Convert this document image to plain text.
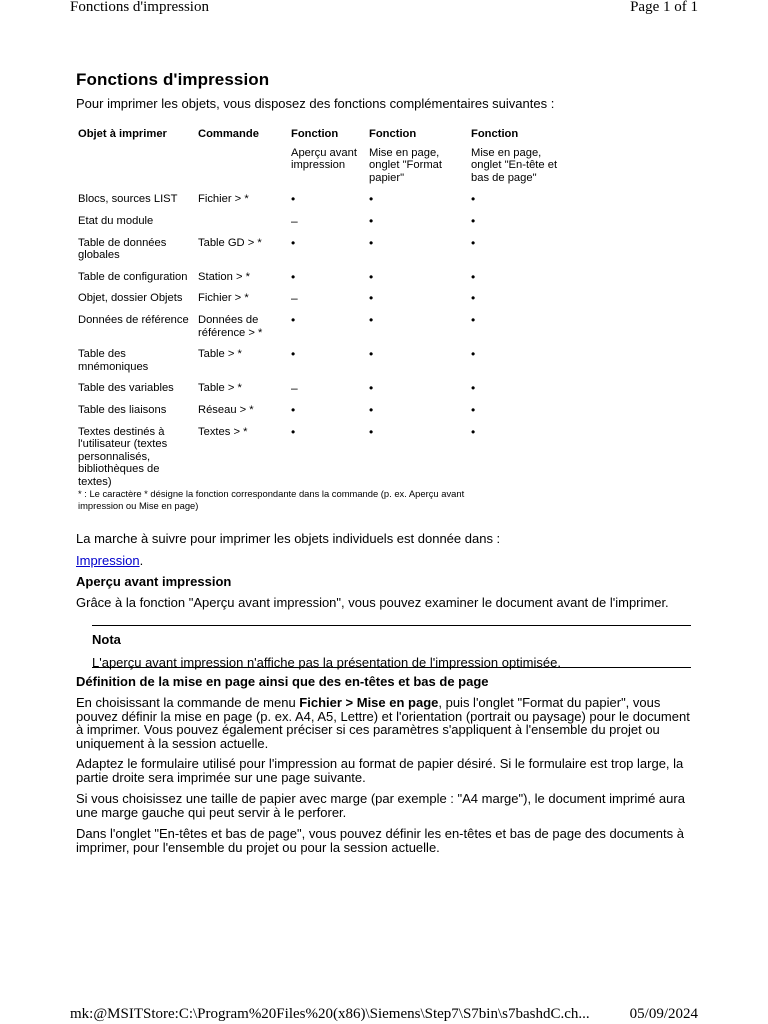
Fonctions d'impression	Page 1 of 1
Fonctions d'impression
Pour imprimer les objets, vous disposez des fonctions complémentaires suivantes :
Objet à imprimer	Commande	Fonction	Fonction	Fonction
		Aperçu avant impression	Mise en page, onglet "Format papier"	Mise en page, onglet "En-tête et bas de page"
Blocs, sources LIST	Fichier > *	•	•	•
Etat du module		–	•	•
Table de données globales	Table GD > *	•	•	•
Table de configuration	Station > *	•	•	•
Objet, dossier Objets	Fichier > *	–	•	•
Données de référence	Données de référence > *	•	•	•
Table des mnémoniques	Table > *	•	•	•
Table des variables	Table > *	–	•	•
Table des liaisons	Réseau > *	•	•	•
Textes destinés à l'utilisateur (textes personnalisés, bibliothèques de textes)	Textes > *	•	•	•
* : Le caractère * désigne la fonction correspondante dans la commande (p. ex. Aperçu avant impression ou Mise en page)
La marche à suivre pour imprimer les objets individuels est donnée dans :
Impression.
Aperçu avant impression
Grâce à la fonction "Aperçu avant impression", vous pouvez examiner le document avant de l'imprimer.
Nota
L'aperçu avant impression n'affiche pas la présentation de l'impression optimisée.
Définition de la mise en page ainsi que des en-têtes et bas de page
En choisissant la commande de menu Fichier > Mise en page, puis l'onglet "Format du papier", vous pouvez définir la mise en page (p. ex. A4, A5, Lettre) et l'orientation (portrait ou paysage) pour le document à imprimer. Vous pouvez également préciser si ces paramètres s'appliquent à l'ensemble du projet ou uniquement à la session actuelle.
Adaptez le formulaire utilisé pour l'impression au format de papier désiré. Si le formulaire est trop large, la partie droite sera imprimée sur une page suivante.
Si vous choisissez une taille de papier avec marge (par exemple : "A4 marge"), le document imprimé aura une marge gauche qui peut servir à le perforer.
Dans l'onglet "En-têtes et bas de page", vous pouvez définir les en-têtes et bas de page des documents à imprimer, pour l'ensemble du projet ou pour la session actuelle.
mk:@MSITStore:C:\Program%20Files%20(x86)\Siemens\Step7\S7bin\s7bashdC.ch...	05/09/2024
